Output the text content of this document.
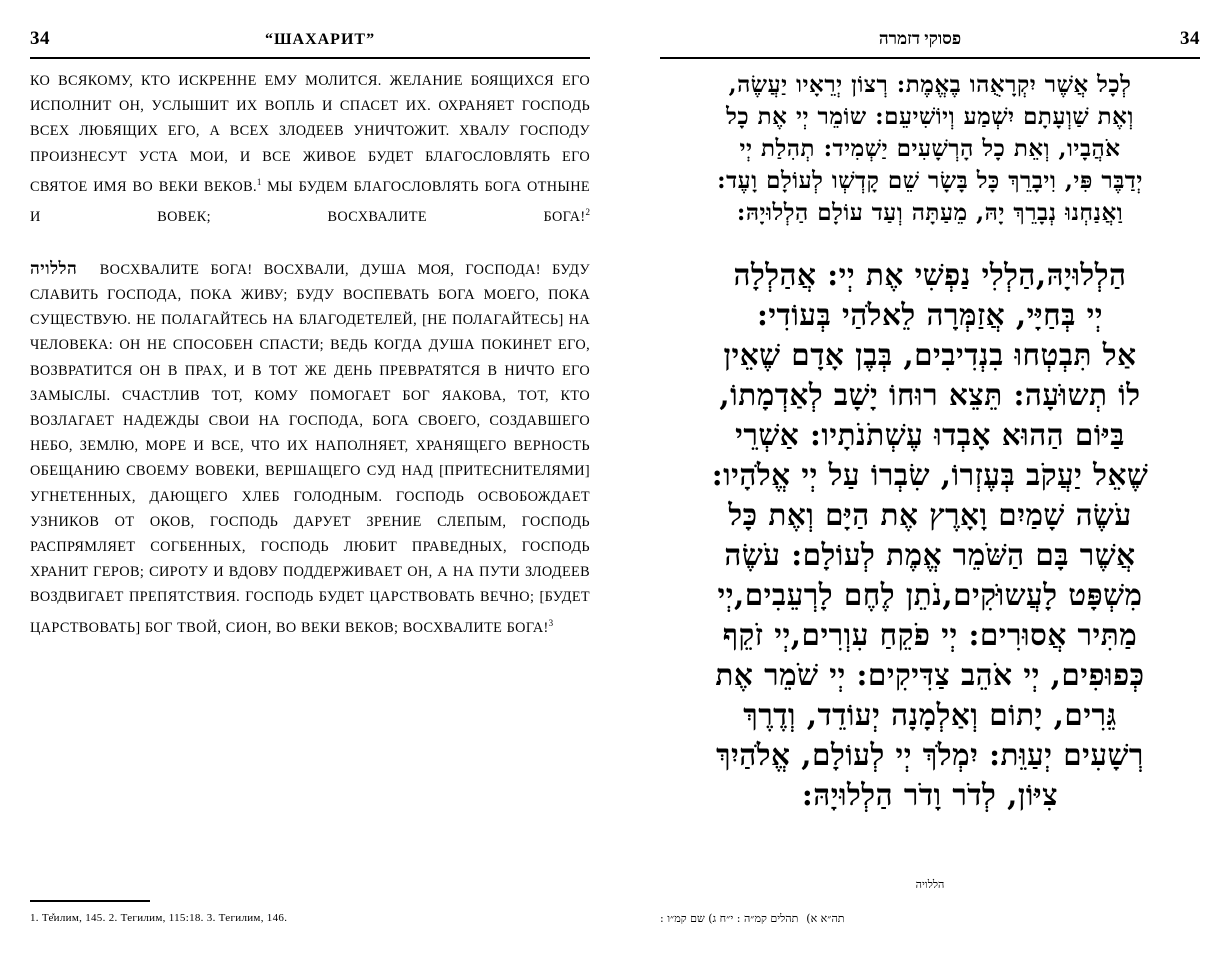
34	“ШАХАРИТ”

КО ВСЯКОМУ, КТО ИСКРЕННЕ ЕМУ МОЛИТСЯ. ЖЕЛАНИЕ БОЯЩИХСЯ ЕГО ИСПОЛНИТ ОН, УСЛЫШИТ ИХ ВОПЛЬ И СПАСЕТ ИХ. ОХРАНЯЕТ ГОСПОДЬ ВСЕХ ЛЮБЯЩИХ ЕГО, А ВСЕХ ЗЛОДЕЕВ УНИЧТОЖИТ. ХВАЛУ ГОСПОДУ ПРОИЗНЕСУТ УСТА МОИ, И ВСЕ ЖИВОЕ БУДЕТ БЛАГОСЛОВЛЯТЬ ЕГО СВЯТОЕ ИМЯ ВО ВЕКИ ВЕКОВ.$^1$ МЫ БУДЕМ БЛАГОСЛОВЛЯТЬ БОГА ОТНЫНЕ И ВОВЕК; ВОСХВАЛИТЕ БОГА!$^2$

הללויה ВОСХВАЛИТЕ БОГА! ВОСХВАЛИ, ДУША МОЯ, ГОСПОДА! БУДУ СЛАВИТЬ ГОСПОДА, ПОКА ЖИВУ; БУДУ ВОСПЕВАТЬ БОГА МОЕГО, ПОКА СУЩЕСТВУЮ. НЕ ПОЛАГАЙТЕСЬ НА БЛАГОДЕТЕЛЕЙ, [НЕ ПОЛАГАЙТЕСЬ] НА ЧЕЛОВЕКА: ОН НЕ СПОСОБЕН СПАСТИ; ВЕДЬ КОГДА ДУША ПОКИНЕТ ЕГО, ВОЗВРАТИТСЯ ОН В ПРАХ, И В ТОТ ЖЕ ДЕНЬ ПРЕВРАТЯТСЯ В НИЧТО ЕГО ЗАМЫСЛЫ. СЧАСТЛИВ ТОТ, КОМУ ПОМОГАЕТ БОГ ЯАКОВА, ТОТ, КТО ВОЗЛАГАЕТ НАДЕЖДЫ СВОИ НА ГОСПОДА, БОГА СВОЕГО, СОЗДАВШЕГО НЕБО, ЗЕМЛЮ, МОРЕ И ВСЕ, ЧТО ИХ НАПОЛНЯЕТ, ХРАНЯЩЕГО ВЕРНОСТЬ ОБЕЩАНИЮ СВОЕМУ ВОВЕКИ, ВЕРШАЩЕГО СУД НАД [ПРИТЕСНИТЕЛЯМИ] УГНЕТЕННЫХ, ДАЮЩЕГО ХЛЕБ ГОЛОДНЫМ. ГОСПОДЬ ОСВОБОЖДАЕТ УЗНИКОВ ОТ ОКОВ, ГОСПОДЬ ДАРУЕТ ЗРЕНИЕ СЛЕПЫМ, ГОСПОДЬ РАСПРЯМЛЯЕТ СОГБЕННЫХ, ГОСПОДЬ ЛЮБИТ ПРАВЕДНЫХ, ГОСПОДЬ ХРАНИТ ГЕРОВ; СИРОТУ И ВДОВУ ПОДДЕРЖИВАЕТ ОН, А НА ПУТИ ЗЛОДЕЕВ ВОЗДВИГАЕТ ПРЕПЯТСТВИЯ. ГОСПОДЬ БУДЕТ ЦАРСТВОВАТЬ ВЕЧНО; [БУДЕТ ЦАРСТВОВАТЬ] БОГ ТВОЙ, СИОН, ВО ВЕКИ ВЕКОВ; ВОСХВАЛИТЕ БОГА!$^3$

1. Те̽илим, 145. 2. Тегилим, 115:18. 3. Тегилим, 146.
פסוקי דזמרה	34
לְכָל אֲשֶׁר יִקְרָאֻהו בֶאֱמֶת: רְצוֹן יְרֵאָיו יַעֲשֶׂה,
וְאֶת שַׁוְעָתָם יִשְׁמַע וְיוֹשִׁיעֵם: שוֹמֵר יְי אֶת כָל
אֹהֲבָיו, וְאֵת כָל הָרְשָׁעִים יַשְׁמִיד: תְהִלַת יְי
יְדַבֶּר פִּי, וִיבָרֵךְ כָּל בָּשָׂר שֵׁם קָדְשְׁו לְעוֹלָם וָעֶד:
וַאֲנַחְנוּ נְבָרֵךְ יָהּ, מֵעַתָּה וְעַד עוֹלָם הַלְלוּיָהּ:
הַלְלוּיָהּ,הַלְלִי נַפְשִׁי אֶת יְי: אֲהַלְלָה
יְי בְּחַיָּי, אֲזַמְּרָה לֵאלֹהַי בְּעוֹדִי:
אַל תִּבְטְחוּ בִנְדִיבִים, בְּבֶן אָדָם שֶׁאֵין
לוֹ תְשוּׁעָה: תֵּצֵא רוּחוֹ יָשָׁב לְאַדְמָתוֹ,
בַּיּוֹם הַהוּא אָבְדוּ עֶשְׁתֹנֹתָיו: אַשְׁרֵי
שֶׁאֵל יַעֲקֹב בְּעֶזְרוֹ, שִׂבְרוֹ עַל יְי אֱלֹהָיו:
עֹשֶׂה שָׁמַיִם וָאָרֶץ אֶת הַיָּם וְאֶת כָּל
אֲשֶׁר בָּם הַשֹּׁמֵר אֱמֶת לְעוֹלָם: עֹשֶׂה
מִשְׁפָּט לָעֲשוּׁקִים,נֹתֵן לֶחֶם לָרְעֵבִים,יְי
מַתִּיר אֲסוּרִים: יְי פֹקֵחַ עִוְרִים,יְי זֹקֵף
כְּפוּפִים, יְי אֹהֵב צַדִּיקִים: יְי שֹׁמֵר אֶת
גֵּרִים, יָתוֹם וְאַלְמָנָה יְעוֹדֵד, וְדֶרֶךְ
רְשָׁעִים יְעַוֵּת: יִמְלֹךְ יְי לְעוֹלָם, אֱלֹהַיִךְ
צִיּוֹן, לְדֹר וָדֹר הַלְלוּיָהּ:
הללויה
תה״א א)תהלים קמ״ה : י״ח ג) שם קמ״ו :
